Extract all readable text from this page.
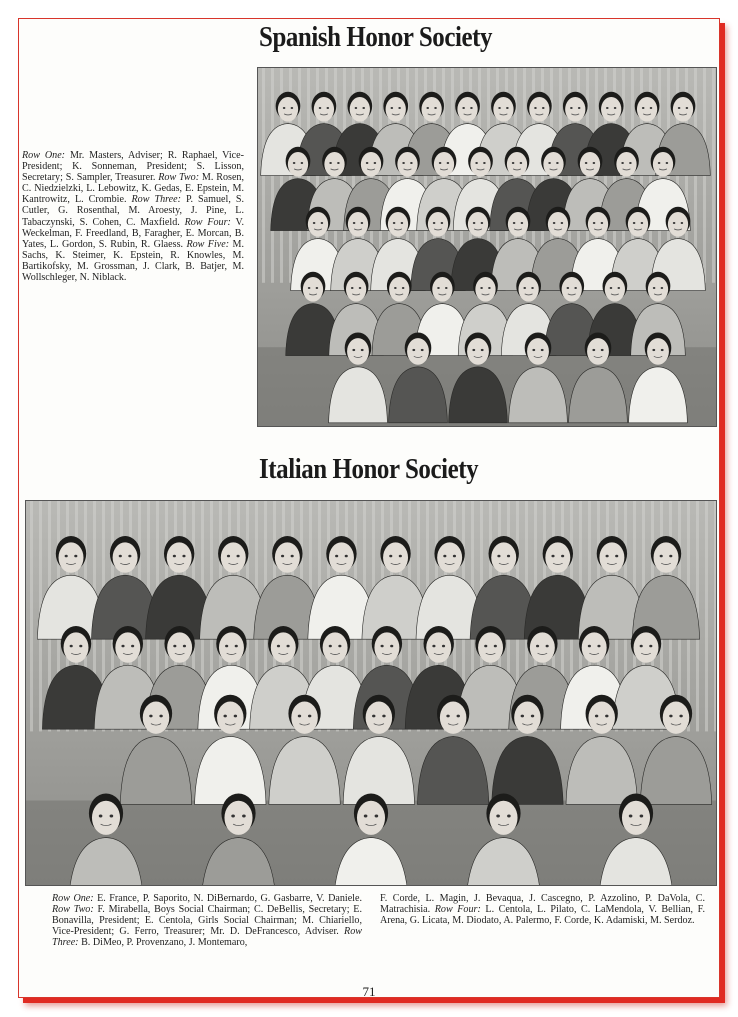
Spanish Honor Society

Row One: Mr. Masters, Adviser; R. Raphael, Vice-President; K. Sonneman, President; S. Lisson, Secretary; S. Sampler, Treasurer. Row Two: M. Rosen, C. Niedzielzki, L. Lebowitz, K. Gedas, E. Epstein, M. Kantrowitz, L. Crombie. Row Three: P. Samuel, S. Cutler, G. Rosenthal, M. Aroesty, J. Pine, L. Tabaczynski, S. Cohen, C. Maxfield. Row Four: V. Weckelman, F. Freedland, B, Faragher, E. Morcan, B. Yates, L. Gordon, S. Rubin, R. Glaess. Row Five: M. Sachs, K. Steimer, K. Epstein, R. Knowles, M. Bartikofsky, M. Grossman, J. Clark, B. Batjer, M. Wollschleger, N. Niblack.

Italian Honor Society

Row One: E. France, P. Saporito, N. DiBernardo, G. Gasbarre, V. Daniele. Row Two: F. Mirabella, Boys Social Chairman; C. DeBellis, Secretary; E. Bonavilla, President; E. Centola, Girls Social Chairman; M. Chiariello, Vice-President; G. Ferro, Treasurer; Mr. D. DeFrancesco, Adviser. Row Three: B. DiMeo, P. Provenzano, J. Montemaro,

F. Corde, L. Magin, J. Bevaqua, J. Cascegno, P. Azzolino, P. DaVola, C. Matrachisia. Row Four: L. Centola, L. Pilato, C. LaMendola, V. Bellian, F. Arena, G. Licata, M. Diodato, A. Palermo, F. Corde, K. Adamiski, M. Serdoz.

71
